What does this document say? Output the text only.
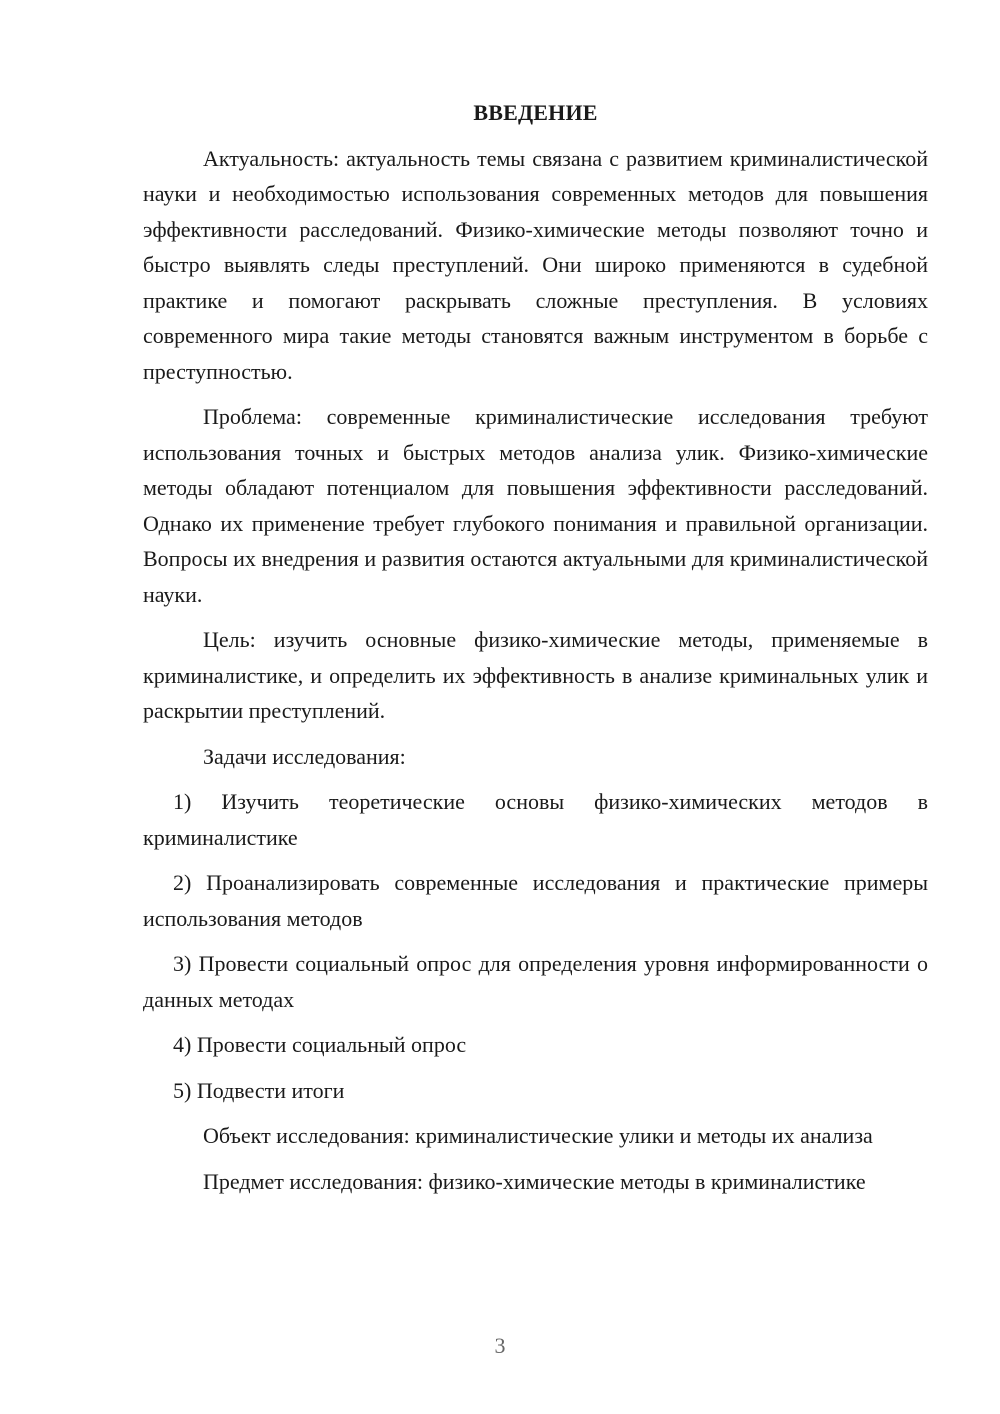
ВВЕДЕНИЕ
Актуальность: актуальность темы связана с развитием криминалистической науки и необходимостью использования современных методов для повышения эффективности расследований. Физико-химические методы позволяют точно и быстро выявлять следы преступлений. Они широко применяются в судебной практике и помогают раскрывать сложные преступления. В условиях современного мира такие методы становятся важным инструментом в борьбе с преступностью.
Проблема: современные криминалистические исследования требуют использования точных и быстрых методов анализа улик. Физико-химические методы обладают потенциалом для повышения эффективности расследований. Однако их применение требует глубокого понимания и правильной организации. Вопросы их внедрения и развития остаются актуальными для криминалистической науки.
Цель: изучить основные физико-химические методы, применяемые в криминалистике, и определить их эффективность в анализе криминальных улик и раскрытии преступлений.
Задачи исследования:
1) Изучить теоретические основы физико-химических методов в криминалистике
2) Проанализировать современные исследования и практические примеры использования методов
3) Провести социальный опрос для определения уровня информированности о данных методах
4) Провести социальный опрос
5) Подвести итоги
Объект исследования: криминалистические улики и методы их анализа
Предмет исследования: физико-химические методы в криминалистике
3
